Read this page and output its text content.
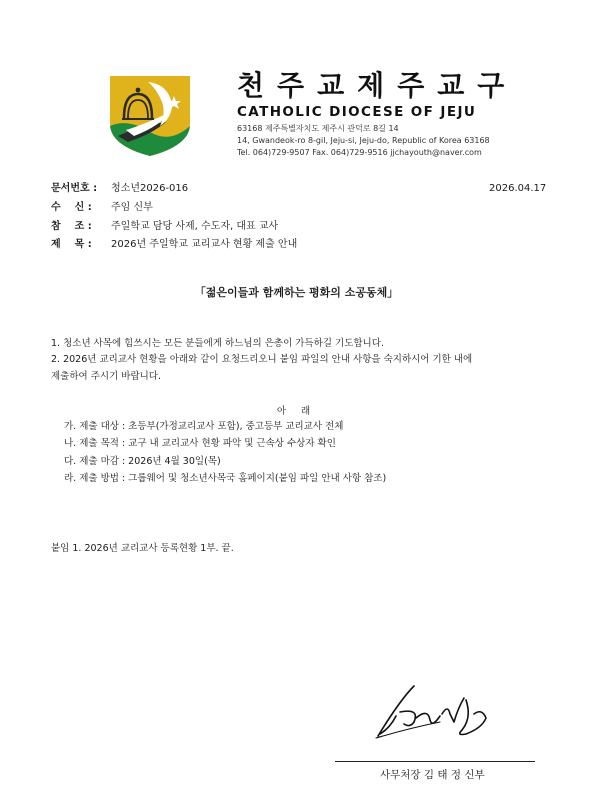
천주교제주교구
CATHOLIC DIOCESE OF JEJU
63168 제주특별자치도 제주시 관덕로 8길 14
14, Gwandeok-ro 8-gil, Jeju-si, Jeju-do, Republic of Korea 63168
Tel. 064)729-9507 Fax. 064)729-9516 jjchayouth@naver.com
문서번호 : 청소년2026-016	2026.04.17
수    신 : 주임 신부
참    조 : 주일학교 담당 사제, 수도자, 대표 교사
제    목 : 2026년 주일학교 교리교사 현황 제출 안내
「젊은이들과 함께하는 평화의 소공동체」
1. 청소년 사목에 힘쓰시는 모든 분들에게 하느님의 은총이 가득하길 기도합니다.
2. 2026년 교리교사 현황을 아래와 같이 요청드리오니 붙임 파일의 안내 사항을 숙지하시어 기한 내에
제출하여 주시기 바랍니다.
아 래
가. 제출 대상 : 초등부(가정교리교사 포함), 중고등부 교리교사 전체
나. 제출 목적 : 교구 내 교리교사 현황 파악 및 근속상 수상자 확인
다. 제출 마감 : 2026년 4월 30일(목)
라. 제출 방법 : 그룹웨어 및 청소년사목국 홈페이지(붙임 파일 안내 사항 참조)
붙임 1. 2026년 교리교사 등록현황 1부. 끝.
사무처장 김 태 정 신부
